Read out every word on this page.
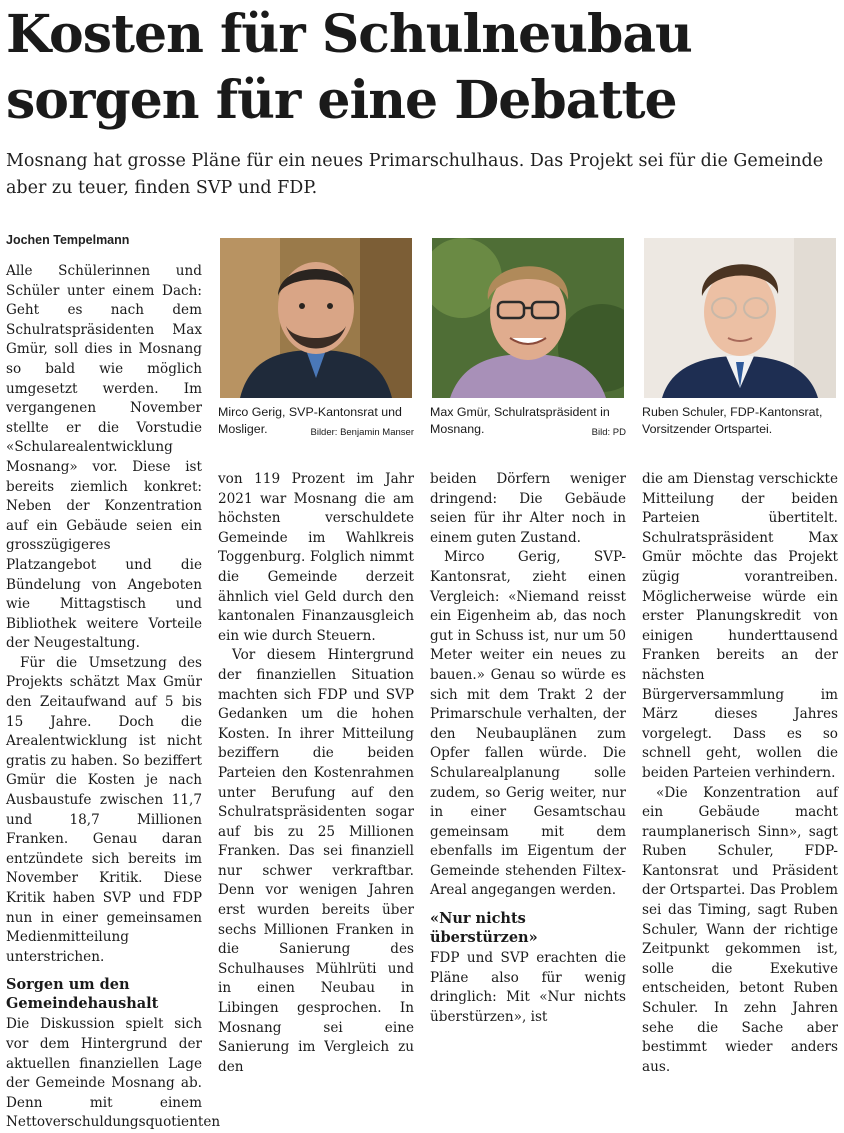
Kosten für Schulneubau sorgen für eine Debatte

Mosnang hat grosse Pläne für ein neues Primarschulhaus. Das Projekt sei für die Gemeinde aber zu teuer, finden SVP und FDP.

Jochen Tempelmann

Alle Schülerinnen und Schüler unter einem Dach: Geht es nach dem Schulratspräsidenten Max Gmür, soll dies in Mosnang so bald wie möglich umgesetzt werden. Im vergangenen November stellte er die Vorstudie «Schularealentwicklung Mosnang» vor. Diese ist bereits ziemlich konkret: Neben der Konzentration auf ein Gebäude seien ein grosszügigeres Platzangebot und die Bündelung von Angeboten wie Mittagstisch und Bibliothek weitere Vorteile der Neugestaltung.

Für die Umsetzung des Projekts schätzt Max Gmür den Zeitaufwand auf 5 bis 15 Jahre. Doch die Arealentwicklung ist nicht gratis zu haben. So beziffert Gmür die Kosten je nach Ausbaustufe zwischen 11,7 und 18,7 Millionen Franken. Genau daran entzündete sich bereits im November Kritik. Diese Kritik haben SVP und FDP nun in einer gemeinsamen Medienmitteilung unterstrichen.

Sorgen um den Gemeindehaushalt

Die Diskussion spielt sich vor dem Hintergrund der aktuellen finanziellen Lage der Gemeinde Mosnang ab. Denn mit einem Nettoverschuldungsquotienten

Mirco Gerig, SVP-Kantonsrat und Mosliger.	Bilder: Benjamin Manser
Max Gmür, Schulratspräsident in Mosnang.	Bild: PD
Ruben Schuler, FDP-Kantonsrat, Vorsitzender Ortspartei.

von 119 Prozent im Jahr 2021 war Mosnang die am höchsten verschuldete Gemeinde im Wahlkreis Toggenburg. Folglich nimmt die Gemeinde derzeit ähnlich viel Geld durch den kantonalen Finanzausgleich ein wie durch Steuern.

Vor diesem Hintergrund der finanziellen Situation machten sich FDP und SVP Gedanken um die hohen Kosten. In ihrer Mitteilung beziffern die beiden Parteien den Kostenrahmen unter Berufung auf den Schulratspräsidenten sogar auf bis zu 25 Millionen Franken. Das sei finanziell nur schwer verkraftbar. Denn vor wenigen Jahren erst wurden bereits über sechs Millionen Franken in die Sanierung des Schulhauses Mühlrüti und in einen Neubau in Libingen gesprochen. In Mosnang sei eine Sanierung im Vergleich zu den

beiden Dörfern weniger dringend: Die Gebäude seien für ihr Alter noch in einem guten Zustand.

Mirco Gerig, SVP-Kantonsrat, zieht einen Vergleich: «Niemand reisst ein Eigenheim ab, das noch gut in Schuss ist, nur um 50 Meter weiter ein neues zu bauen.» Genau so würde es sich mit dem Trakt 2 der Primarschule verhalten, der den Neubauplänen zum Opfer fallen würde. Die Schularealplanung solle zudem, so Gerig weiter, nur in einer Gesamtschau gemeinsam mit dem ebenfalls im Eigentum der Gemeinde stehenden Filtex-Areal angegangen werden.

«Nur nichts überstürzen»

FDP und SVP erachten die Pläne also für wenig dringlich: Mit «Nur nichts überstürzen», ist

die am Dienstag verschickte Mitteilung der beiden Parteien übertitelt. Schulratspräsident Max Gmür möchte das Projekt zügig vorantreiben. Möglicherweise würde ein erster Planungskredit von einigen hunderttausend Franken bereits an der nächsten Bürgerversammlung im März dieses Jahres vorgelegt. Dass es so schnell geht, wollen die beiden Parteien verhindern.

«Die Konzentration auf ein Gebäude macht raumplanerisch Sinn», sagt Ruben Schuler, FDP-Kantonsrat und Präsident der Ortspartei. Das Problem sei das Timing, sagt Ruben Schuler, Wann der richtige Zeitpunkt gekommen ist, solle die Exekutive entscheiden, betont Ruben Schuler. In zehn Jahren sehe die Sache aber bestimmt wieder anders aus.
